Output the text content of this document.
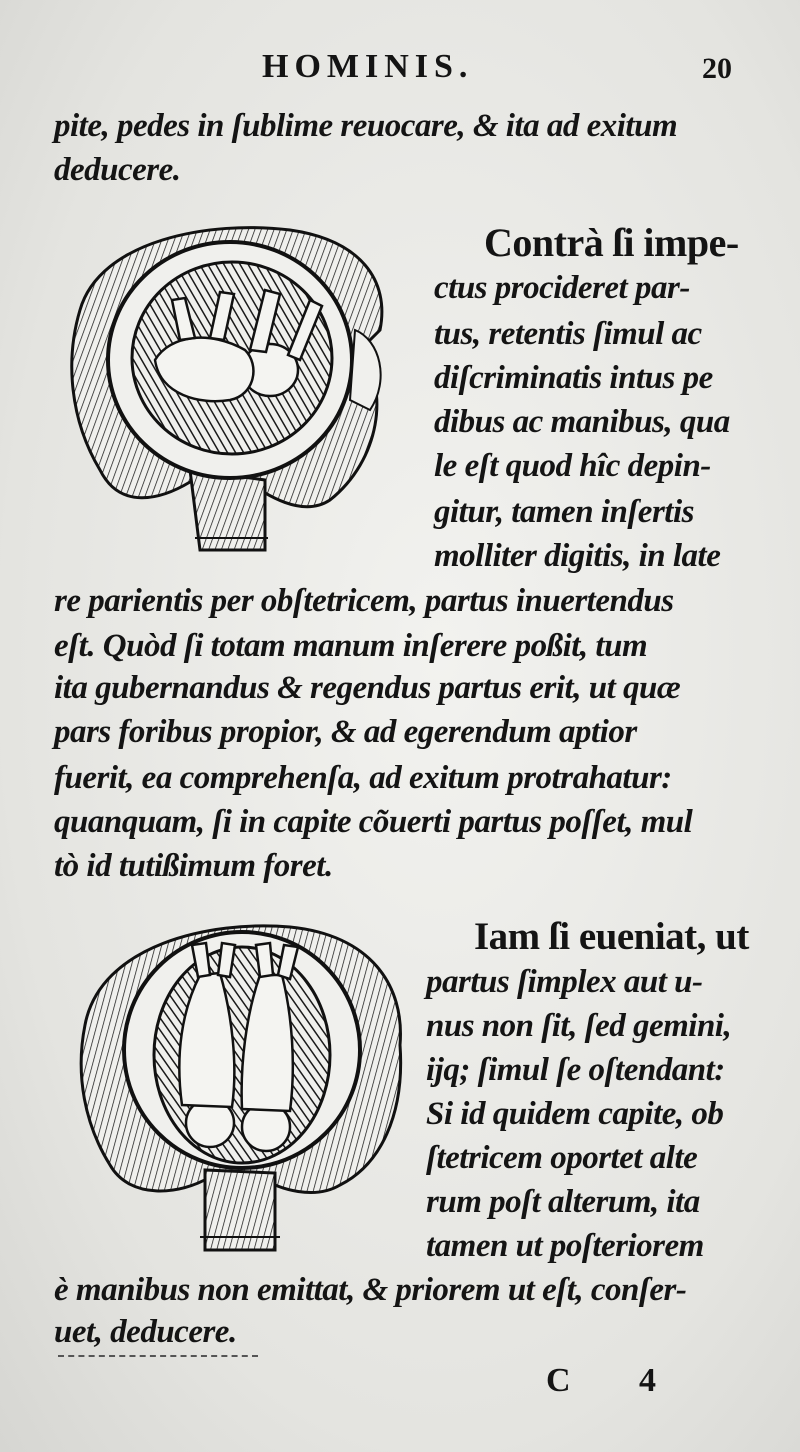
HOMINIS.	20
pite, pedes in ſublime reuocare, & ita ad exitum
deducere.
Contrà ſi impe-
ctus procideret par-
tus, retentis ſimul ac
diſcriminatis intus pe
dibus ac manibus, qua
le eſt quod hîc depin-
gitur, tamen inſertis
molliter digitis, in late
re parientis per obſtetricem, partus inuertendus
eſt. Quòd ſi totam manum inſerere poßit, tum
ita gubernandus & regendus partus erit, ut quæ
pars foribus propior, & ad egerendum aptior
fuerit, ea comprehenſa, ad exitum protrahatur:
quanquam, ſi in capite cõuerti partus poſſet, mul
tò id tutißimum foret.
Iam ſi eueniat, ut
partus ſimplex aut u-
nus non ſit, ſed gemini,
ijq; ſimul ſe oſtendant:
Si id quidem capite, ob
ſtetricem oportet alte
rum poſt alterum, ita
tamen ut poſteriorem
è manibus non emittat, & priorem ut eſt, conſer-
uet, deducere.
C 4
